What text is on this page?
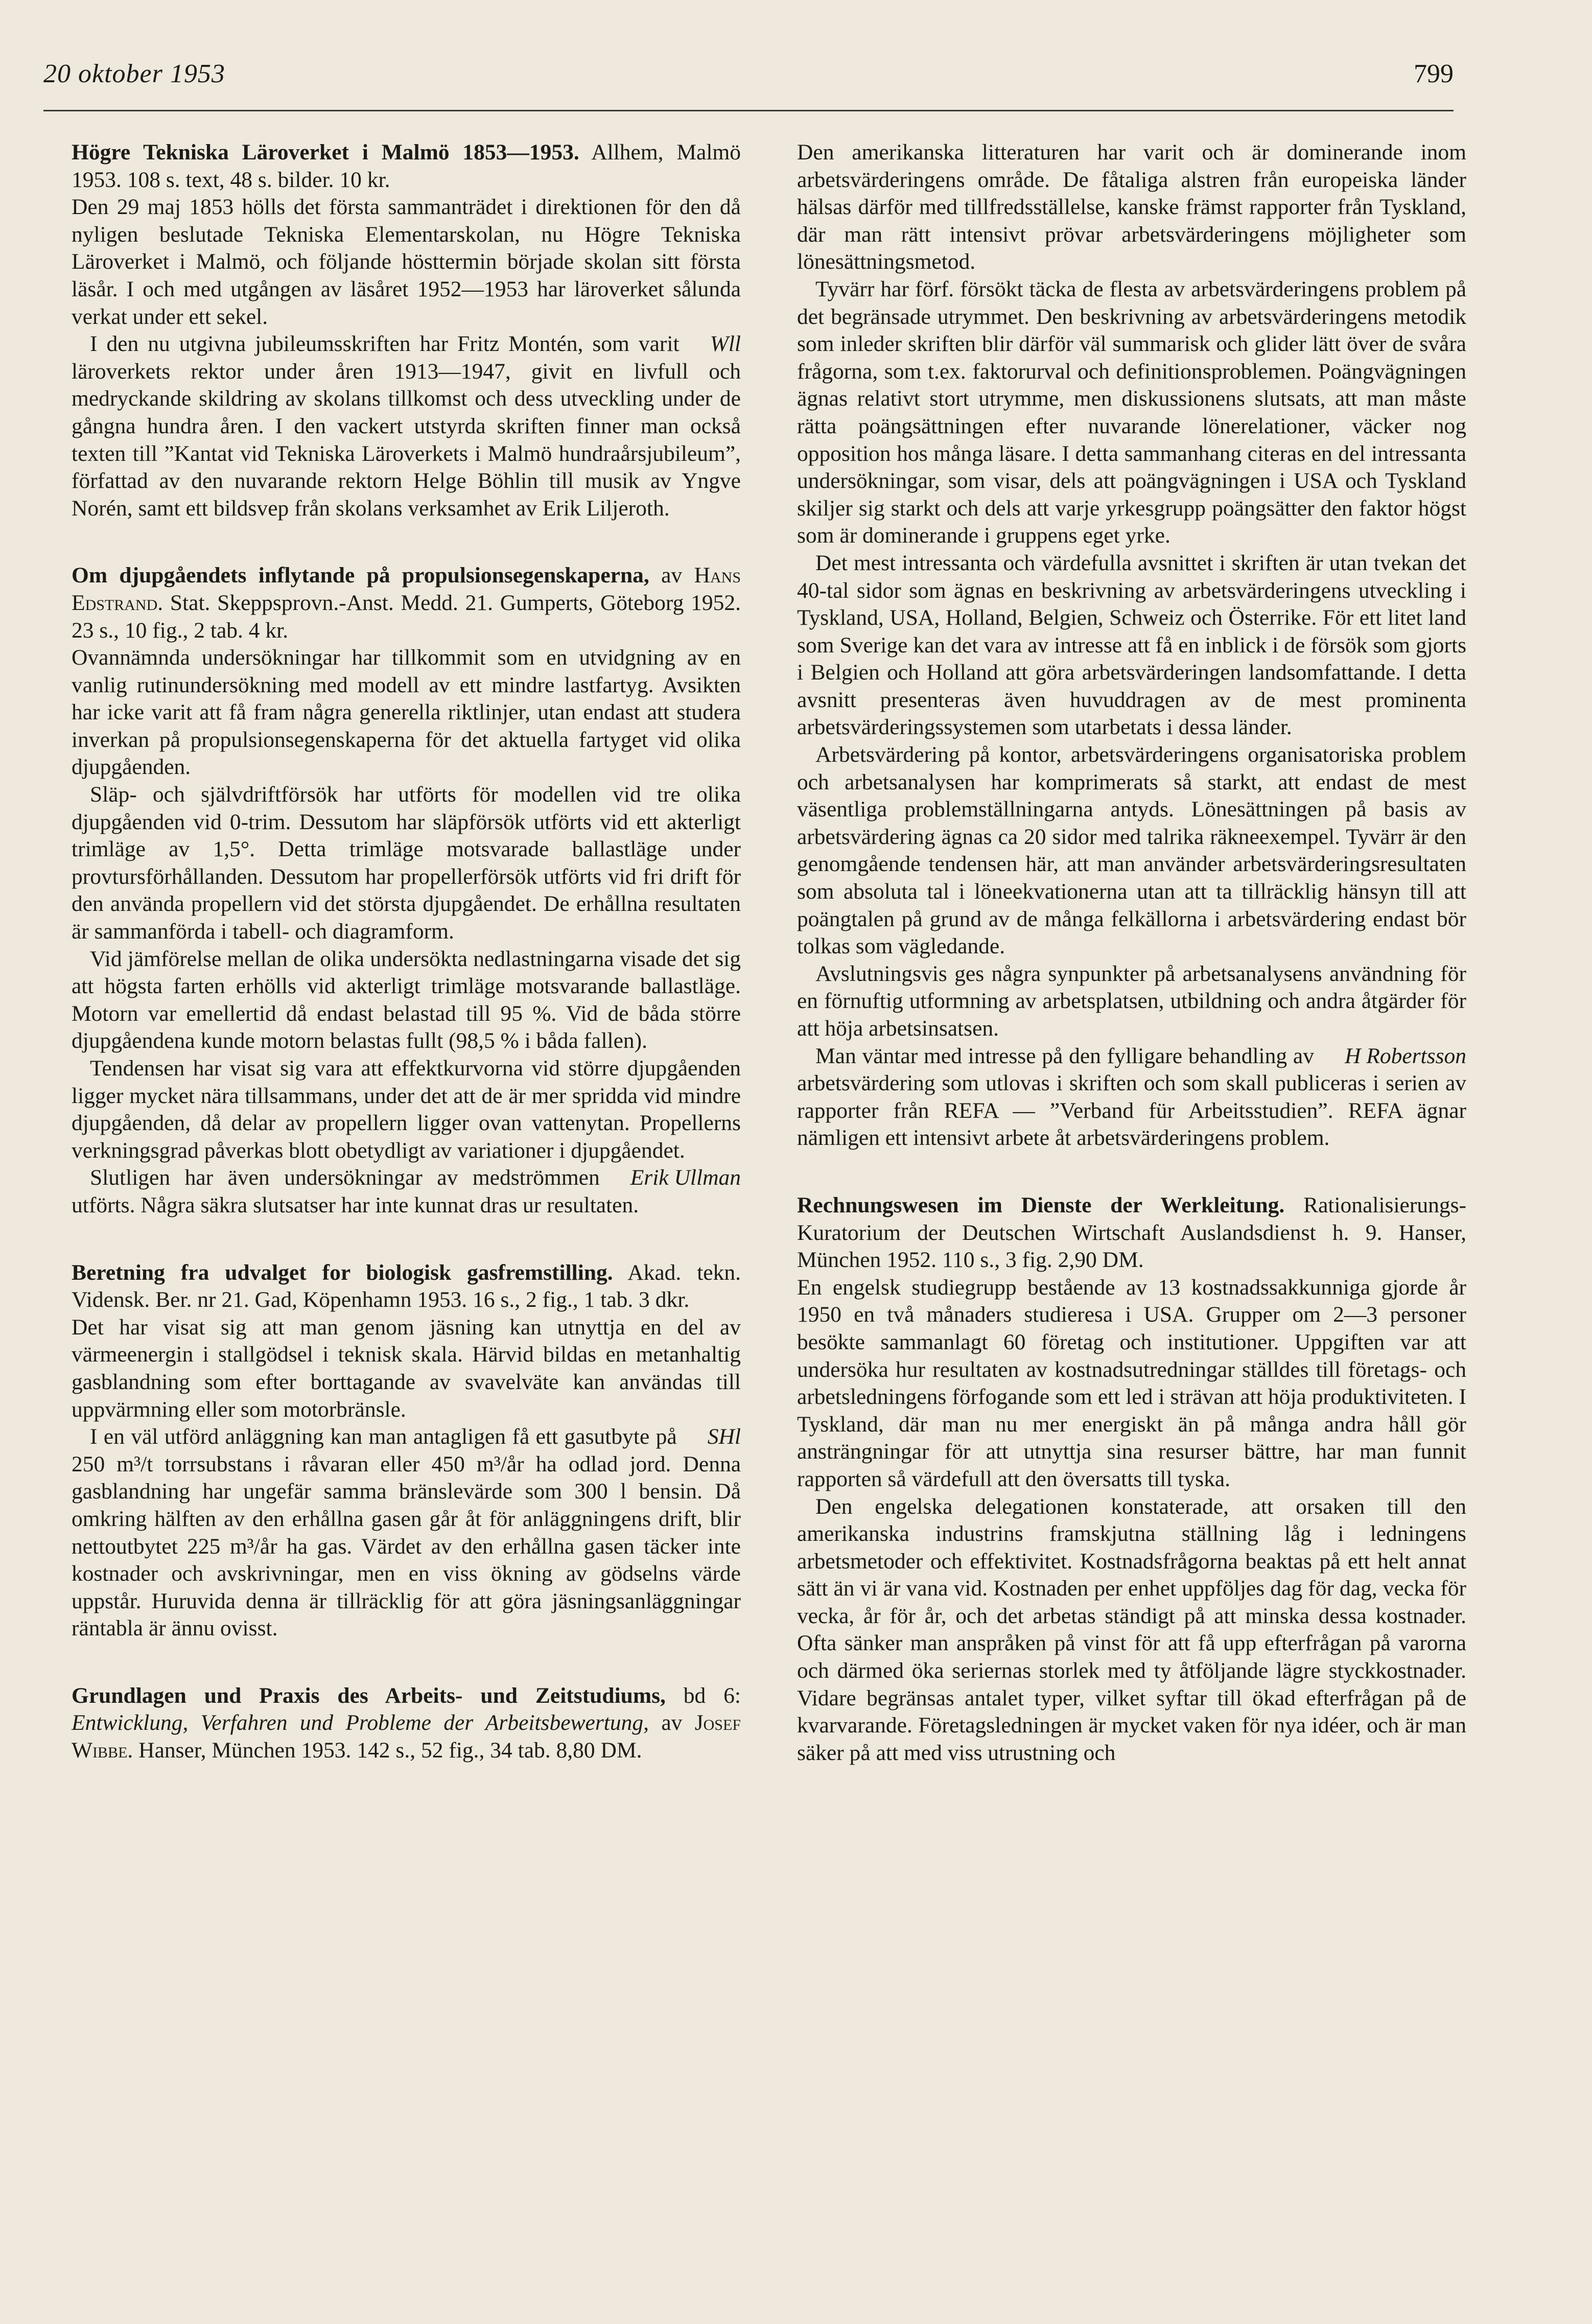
20 oktober 1953	799
Högre Tekniska Läroverket i Malmö 1853—1953. Allhem, Malmö 1953. 108 s. text, 48 s. bilder. 10 kr.

Den 29 maj 1853 hölls det första sammanträdet i direktionen för den då nyligen beslutade Tekniska Elementarskolan, nu Högre Tekniska Läroverket i Malmö, och följande hösttermin började skolan sitt första läsår. I och med utgången av läsåret 1952—1953 har läroverket sålunda verkat under ett sekel.

Wll
I den nu utgivna jubileumsskriften har Fritz Montén, som varit läroverkets rektor under åren 1913—1947, givit en livfull och medryckande skildring av skolans tillkomst och dess utveckling under de gångna hundra åren. I den vackert utstyrda skriften finner man också texten till ”Kantat vid Tekniska Läroverkets i Malmö hundraårsjubileum”, författad av den nuvarande rektorn Helge Böhlin till musik av Yngve Norén, samt ett bildsvep från skolans verksamhet av Erik Liljeroth.

Om djupgåendets inflytande på propulsionsegenskaperna, av Hans Edstrand. Stat. Skeppsprovn.-Anst. Medd. 21. Gumperts, Göteborg 1952. 23 s., 10 fig., 2 tab. 4 kr.

Ovannämnda undersökningar har tillkommit som en utvidgning av en vanlig rutinundersökning med modell av ett mindre lastfartyg. Avsikten har icke varit att få fram några generella riktlinjer, utan endast att studera inverkan på propulsionsegenskaperna för det aktuella fartyget vid olika djupgåenden.

Släp- och självdriftförsök har utförts för modellen vid tre olika djupgåenden vid 0-trim. Dessutom har släpförsök utförts vid ett akterligt trimläge av 1,5°. Detta trimläge motsvarade ballastläge under provtursförhållanden. Dessutom har propellerförsök utförts vid fri drift för den använda propellern vid det största djupgåendet. De erhållna resultaten är sammanförda i tabell- och diagramform.

Vid jämförelse mellan de olika undersökta nedlastningarna visade det sig att högsta farten erhölls vid akterligt trimläge motsvarande ballastläge. Motorn var emellertid då endast belastad till 95 %. Vid de båda större djupgåendena kunde motorn belastas fullt (98,5 % i båda fallen).

Tendensen har visat sig vara att effektkurvorna vid större djupgåenden ligger mycket nära tillsammans, under det att de är mer spridda vid mindre djupgåenden, då delar av propellern ligger ovan vattenytan. Propellerns verkningsgrad påverkas blott obetydligt av variationer i djupgåendet.

Erik Ullman
Slutligen har även undersökningar av medströmmen utförts. Några säkra slutsatser har inte kunnat dras ur resultaten.

Beretning fra udvalget for biologisk gasfremstilling. Akad. tekn. Vidensk. Ber. nr 21. Gad, Köpenhamn 1953. 16 s., 2 fig., 1 tab. 3 dkr.

Det har visat sig att man genom jäsning kan utnyttja en del av värmeenergin i stallgödsel i teknisk skala. Härvid bildas en metanhaltig gasblandning som efter borttagande av svavelväte kan användas till uppvärmning eller som motorbränsle.

SHl
I en väl utförd anläggning kan man antagligen få ett gasutbyte på 250 m³/t torrsubstans i råvaran eller 450 m³/år ha odlad jord. Denna gasblandning har ungefär samma bränslevärde som 300 l bensin. Då omkring hälften av den erhållna gasen går åt för anläggningens drift, blir nettoutbytet 225 m³/år ha gas. Värdet av den erhållna gasen täcker inte kostnader och avskrivningar, men en viss ökning av gödselns värde uppstår. Huruvida denna är tillräcklig för att göra jäsningsanläggningar räntabla är ännu ovisst.

Grundlagen und Praxis des Arbeits- und Zeitstudiums, bd 6: Entwicklung, Verfahren und Probleme der Arbeitsbewertung, av Josef Wibbe. Hanser, München 1953. 142 s., 52 fig., 34 tab. 8,80 DM.

Den amerikanska litteraturen har varit och är dominerande inom arbetsvärderingens område. De fåtaliga alstren från europeiska länder hälsas därför med tillfredsställelse, kanske främst rapporter från Tyskland, där man rätt intensivt prövar arbetsvärderingens möjligheter som lönesättningsmetod.

Tyvärr har förf. försökt täcka de flesta av arbetsvärderingens problem på det begränsade utrymmet. Den beskrivning av arbetsvärderingens metodik som inleder skriften blir därför väl summarisk och glider lätt över de svåra frågorna, som t.ex. faktorurval och definitionsproblemen. Poängvägningen ägnas relativt stort utrymme, men diskussionens slutsats, att man måste rätta poängsättningen efter nuvarande lönerelationer, väcker nog opposition hos många läsare. I detta sammanhang citeras en del intressanta undersökningar, som visar, dels att poängvägningen i USA och Tyskland skiljer sig starkt och dels att varje yrkesgrupp poängsätter den faktor högst som är dominerande i gruppens eget yrke.

Det mest intressanta och värdefulla avsnittet i skriften är utan tvekan det 40-tal sidor som ägnas en beskrivning av arbetsvärderingens utveckling i Tyskland, USA, Holland, Belgien, Schweiz och Österrike. För ett litet land som Sverige kan det vara av intresse att få en inblick i de försök som gjorts i Belgien och Holland att göra arbetsvärderingen landsomfattande. I detta avsnitt presenteras även huvuddragen av de mest prominenta arbetsvärderingssystemen som utarbetats i dessa länder.

Arbetsvärdering på kontor, arbetsvärderingens organisatoriska problem och arbetsanalysen har komprimerats så starkt, att endast de mest väsentliga problemställningarna antyds. Lönesättningen på basis av arbetsvärdering ägnas ca 20 sidor med talrika räkneexempel. Tyvärr är den genomgående tendensen här, att man använder arbetsvärderingsresultaten som absoluta tal i löneekvationerna utan att ta tillräcklig hänsyn till att poängtalen på grund av de många felkällorna i arbetsvärdering endast bör tolkas som vägledande.

Avslutningsvis ges några synpunkter på arbetsanalysens användning för en förnuftig utformning av arbetsplatsen, utbildning och andra åtgärder för att höja arbetsinsatsen.

H Robertsson
Man väntar med intresse på den fylligare behandling av arbetsvärdering som utlovas i skriften och som skall publiceras i serien av rapporter från REFA — ”Verband für Arbeitsstudien”. REFA ägnar nämligen ett intensivt arbete åt arbetsvärderingens problem.

Rechnungswesen im Dienste der Werkleitung. Rationalisierungs-Kuratorium der Deutschen Wirtschaft Auslandsdienst h. 9. Hanser, München 1952. 110 s., 3 fig. 2,90 DM.

En engelsk studiegrupp bestående av 13 kostnadssakkunniga gjorde år 1950 en två månaders studieresa i USA. Grupper om 2—3 personer besökte sammanlagt 60 företag och institutioner. Uppgiften var att undersöka hur resultaten av kostnadsutredningar ställdes till företags- och arbetsledningens förfogande som ett led i strävan att höja produktiviteten. I Tyskland, där man nu mer energiskt än på många andra håll gör ansträngningar för att utnyttja sina resurser bättre, har man funnit rapporten så värdefull att den översatts till tyska.

Den engelska delegationen konstaterade, att orsaken till den amerikanska industrins framskjutna ställning låg i ledningens arbetsmetoder och effektivitet. Kostnadsfrågorna beaktas på ett helt annat sätt än vi är vana vid. Kostnaden per enhet uppföljes dag för dag, vecka för vecka, år för år, och det arbetas ständigt på att minska dessa kostnader. Ofta sänker man anspråken på vinst för att få upp efterfrågan på varorna och därmed öka seriernas storlek med ty åtföljande lägre styckkostnader. Vidare begränsas antalet typer, vilket syftar till ökad efterfrågan på de kvarvarande. Företagsledningen är mycket vaken för nya idéer, och är man säker på att med viss utrustning och
